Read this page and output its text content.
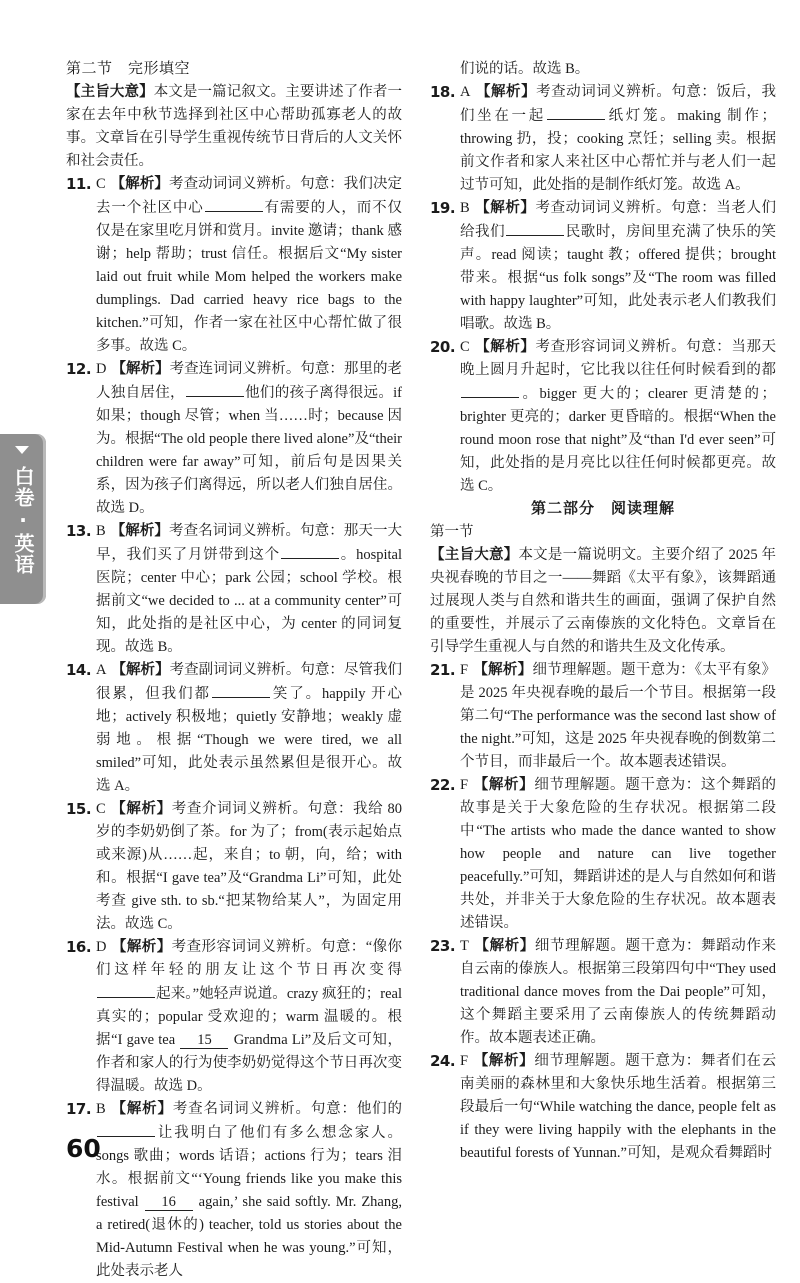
第二节　完形填空
【主旨大意】本文是一篇记叙文。主要讲述了作者一家在去年中秋节选择到社区中心帮助孤寡老人的故事。文章旨在引导学生重视传统节日背后的人文关怀和社会责任。
11. C 【解析】考查动词词义辨析。句意：我们决定去一个社区中心	有需要的人，而不仅仅是在家里吃月饼和赏月。invite 邀请；thank 感谢；help 帮助；trust 信任。根据后文“My sister laid out fruit while Mom helped the workers make dumplings. Dad carried heavy rice bags to the kitchen.”可知，作者一家在社区中心帮忙做了很多事。故选 C。
12. D 【解析】考查连词词义辨析。句意：那里的老人独自居住，	他们的孩子离得很远。if 如果；though 尽管；when 当……时；because 因为。根据“The old people there lived alone”及“their children were far away”可知，前后句是因果关系，因为孩子们离得远，所以老人们独自居住。故选 D。
13. B 【解析】考查名词词义辨析。句意：那天一大早，我们买了月饼带到这个	。hospital 医院；center 中心；park 公园；school 学校。根据前文“we decided to ... at a community center”可知，此处指的是社区中心，为 center 的同词复现。故选 B。
14. A 【解析】考查副词词义辨析。句意：尽管我们很累，但我们都	笑了。happily 开心地；actively 积极地；quietly 安静地；weakly 虚弱地。根据“Though we were tired, we all smiled”可知，此处表示虽然累但是很开心。故选 A。
15. C 【解析】考查介词词义辨析。句意：我给 80 岁的李奶奶倒了茶。for 为了；from(表示起始点或来源)从……起，来自；to 朝，向，给；with 和。根据“I gave tea”及“Grandma Li”可知，此处考查 give sth. to sb.“把某物给某人”，为固定用法。故选 C。
16. D 【解析】考查形容词词义辨析。句意：“像你们这样年轻的朋友让这个节日再次变得起来。”她轻声说道。crazy 疯狂的；real 真实的；popular 受欢迎的；warm 温暖的。根据“I gave tea 15 Grandma Li”及后文可知，作者和家人的行为使李奶奶觉得这个节日再次变得温暖。故选 D。
17. B 【解析】考查名词词义辨析。句意：他们的让我明白了他们有多么想念家人。songs 歌曲；words 话语；actions 行为；tears 泪水。根据前文“‘Young friends like you make this festival 16 again,’ she said softly. Mr. Zhang, a retired(退休的) teacher, told us stories about the Mid-Autumn Festival when he was young.”可知，此处表示老人
们说的话。故选 B。
18. A 【解析】考查动词词义辨析。句意：饭后，我们坐在一起	纸灯笼。making 制作；throwing 扔，投；cooking 烹饪；selling 卖。根据前文作者和家人来社区中心帮忙并与老人们一起过节可知，此处指的是制作纸灯笼。故选 A。
19. B 【解析】考查动词词义辨析。句意：当老人们给我们	民歌时，房间里充满了快乐的笑声。read 阅读；taught 教；offered 提供；brought 带来。根据“us folk songs”及“The room was filled with happy laughter”可知，此处表示老人们教我们唱歌。故选 B。
20. C 【解析】考查形容词词义辨析。句意：当那天晚上圆月升起时，它比我以往任何时候看到的都。bigger 更大的；clearer 更清楚的；brighter 更亮的；darker 更昏暗的。根据“When the round moon rose that night”及“than I'd ever seen”可知，此处指的是月亮比以往任何时候都更亮。故选 C。
第二部分　阅读理解
第一节
【主旨大意】本文是一篇说明文。主要介绍了 2025 年央视春晚的节目之一——舞蹈《太平有象》，该舞蹈通过展现人类与自然和谐共生的画面，强调了保护自然的重要性，并展示了云南傣族的文化特色。文章旨在引导学生重视人与自然的和谐共生及文化传承。
21. F 【解析】细节理解题。题干意为：《太平有象》是 2025 年央视春晚的最后一个节目。根据第一段第二句“The performance was the second last show of the night.”可知，这是 2025 年央视春晚的倒数第二个节目，而非最后一个。故本题表述错误。
22. F 【解析】细节理解题。题干意为：这个舞蹈的故事是关于大象危险的生存状况。根据第二段中“The artists who made the dance wanted to show how people and nature can live together peacefully.”可知，舞蹈讲述的是人与自然如何和谐共处，并非关于大象危险的生存状况。故本题表述错误。
23. T 【解析】细节理解题。题干意为：舞蹈动作来自云南的傣族人。根据第三段第四句中“They used traditional dance moves from the Dai people”可知，这个舞蹈主要采用了云南傣族人的传统舞蹈动作。故本题表述正确。
24. F 【解析】细节理解题。题干意为：舞者们在云南美丽的森林里和大象快乐地生活着。根据第三段最后一句“While watching the dance, people felt as if they were living happily with the elephants in the beautiful forests of Yunnan.”可知，是观众看舞蹈时
白卷·英语
60
